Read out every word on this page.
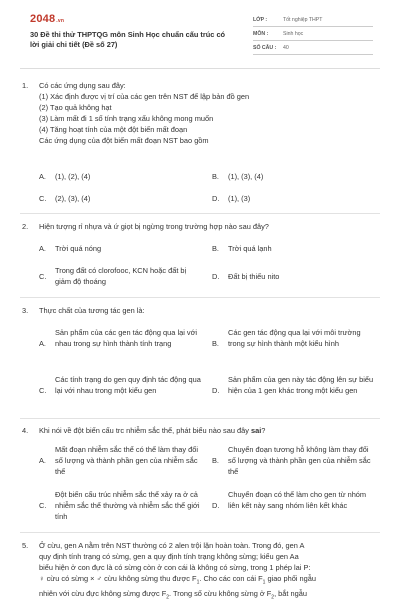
2048.vn
30 Đề thi thử THPTQG môn Sinh Học chuẩn cấu trúc có lời giải chi tiết (Đề số 27)
LỚP :	Tốt nghiệp THPT
MÔN :	Sinh học
SỐ CÂU : 40
1. Có các ứng dụng sau đây:
(1) Xác định được vị trí của các gen trên NST để lập bản đồ gen
(2) Tạo quả không hạt
(3) Làm mất đi 1 số tính trạng xấu không mong muốn
(4) Tăng hoạt tính của một đột biến mất đoạn
Các ứng dụng của đột biến mất đoạn NST bao gồm
A. (1), (2), (4)	B. (1), (3), (4)
C. (2), (3), (4)	D. (1), (3)
2. Hiện tượng rỉ nhựa và ứ giọt bị ngừng trong trường hợp nào sau đây?
A. Trời quá nóng	B. Trời quá lạnh
C.
Trong đất có clorofooc, KCN hoặc đất bị giảm độ thoáng
D. Đất bị thiếu nito
3. Thực chất của tương tác gen là:
A.
Sản phẩm của các gen tác động qua lại với nhau trong sự hình thành tính trạng	B.
Các gen tác động qua lại với môi trường trong sự hình thành một kiểu hình
C.
Các tính trạng do gen quy định tác động qua lại với nhau trong một kiểu gen	D.
Sản phẩm của gen này tác động lên sự biểu hiện của 1 gen khác trong một kiểu gen
4. Khi nói về đột biến cấu trc nhiễm sắc thể, phát biểu nào sau đây sai?
A.
Mất đoạn nhiễm sắc thể có thể làm thay đổi số lượng và thành phần gen của nhiễm sắc thể
B.
Chuyển đoạn tương hỗ không làm thay đổi số lượng và thành phần gen của nhiễm sắc thể
C.
Đột biến cấu trúc nhiễm sắc thể xảy ra ở cả nhiễm sắc thể thường và nhiễm sắc thể giới tính
D.
Chuyển đoạn có thể làm cho gen từ nhóm liên kết này sang nhóm liên kết khác
5. Ở cừu, gen A nằm trên NST thường có 2 alen trội lặn hoàn toàn. Trong đó, gen A
quy định tính trạng có sừng, gen a quy định tính trạng không sừng; kiểu gen Aa
biểu hiện ở con đực là có sừng còn ở con cái là không có sừng, trong 1 phép lai P:
♀ cừu có sừng × ♂ cừu không sừng thu được $F_1$. Cho các con cái $F_1$ giao phối ngẫu
nhiên với cừu đực không sừng được $F_2$. Trong số cừu không sừng ở $F_2$, bắt ngẫu
